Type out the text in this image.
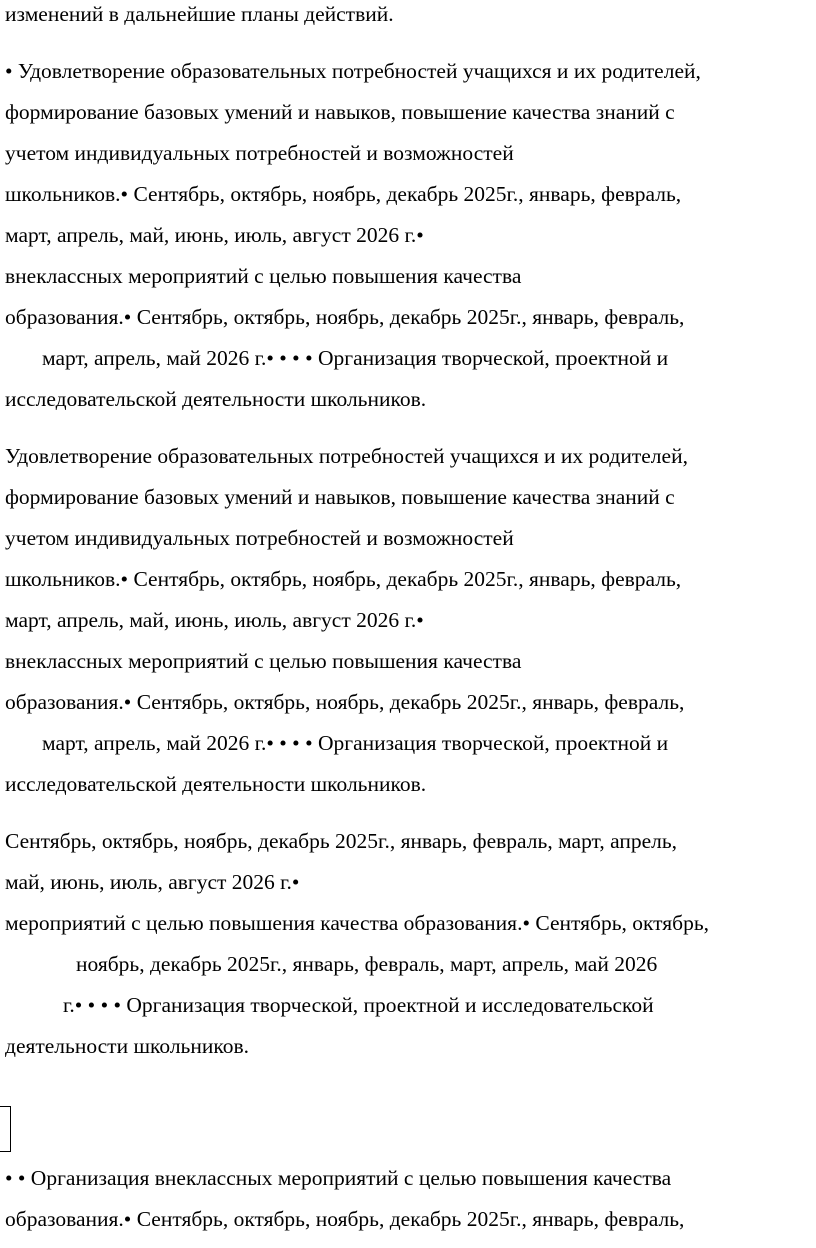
изменений в дальнейшие планы действий.
• Удовлетворение образовательных потребностей учащихся и их родителей,
формирование базовых умений и навыков, повышение качества знаний с
учетом индивидуальных потребностей и возможностей
школьников.• Сентябрь, октябрь, ноябрь, декабрь 2025г., январь, февраль,
март, апрель, май, июнь, июль, август 2026 г.•
внеклассных мероприятий с целью повышения качества
образования.• Сентябрь, октябрь, ноябрь, декабрь 2025г., январь, февраль,
март, апрель, май 2026 г.• • • • Организация творческой, проектной и
исследовательской деятельности школьников.
Удовлетворение образовательных потребностей учащихся и их родителей,
формирование базовых умений и навыков, повышение качества знаний с
учетом индивидуальных потребностей и возможностей
школьников.• Сентябрь, октябрь, ноябрь, декабрь 2025г., январь, февраль,
март, апрель, май, июнь, июль, август 2026 г.•
внеклассных мероприятий с целью повышения качества
образования.• Сентябрь, октябрь, ноябрь, декабрь 2025г., январь, февраль,
март, апрель, май 2026 г.• • • • Организация творческой, проектной и
исследовательской деятельности школьников.
Сентябрь, октябрь, ноябрь, декабрь 2025г., январь, февраль, март, апрель,
май, июнь, июль, август 2026 г.•
мероприятий с целью повышения качества образования.• Сентябрь, октябрь,
ноябрь, декабрь 2025г., январь, февраль, март, апрель, май 2026
г.• • • • Организация творческой, проектной и исследовательской
деятельности школьников.
• • Организация внеклассных мероприятий с целью повышения качества
образования.• Сентябрь, октябрь, ноябрь, декабрь 2025г., январь, февраль,
